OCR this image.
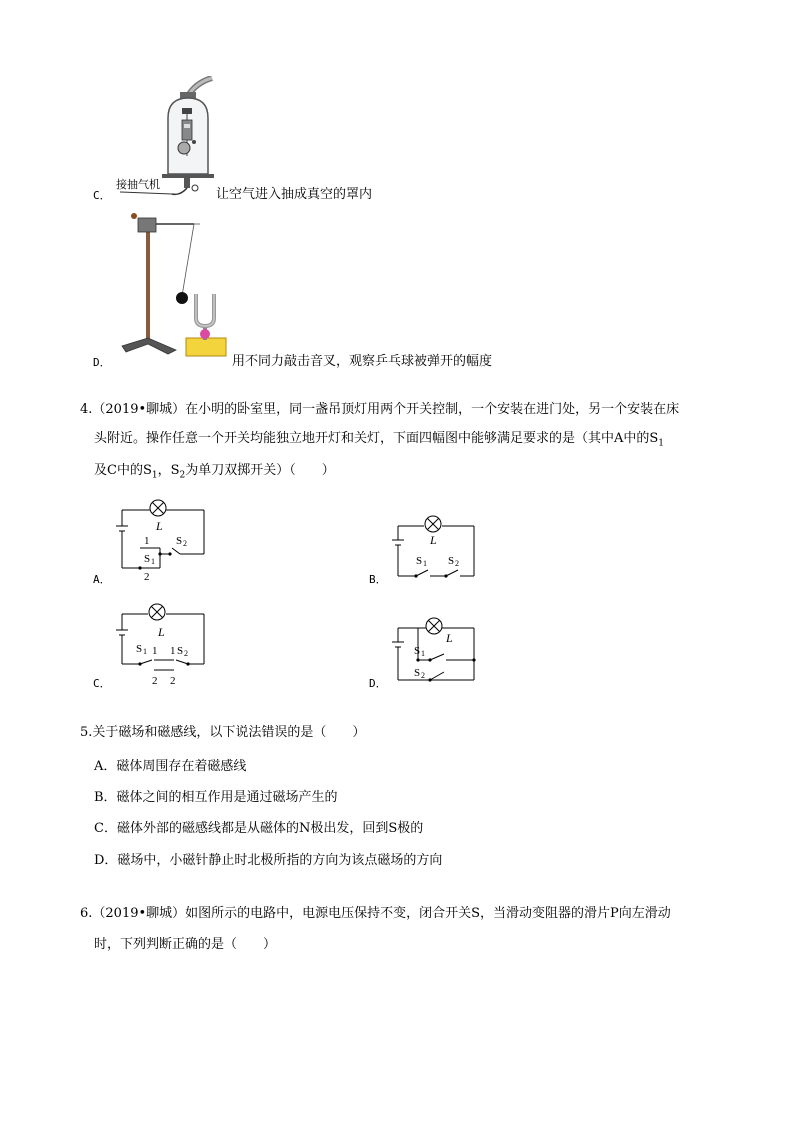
接抽气机
C．	让空气进入抽成真空的罩内
D．	用不同力敲击音叉，观察乒乓球被弹开的幅度
4.（2019•聊城）在小明的卧室里，同一盏吊顶灯用两个开关控制，一个安装在进门处，另一个安装在床
头附近。操作任意一个开关均能独立地开灯和关灯，下面四幅图中能够满足要求的是（其中A中的$S_1$
及C中的$S_1$，$S_2$为单刀双掷开关）（　　）
L
1
S 1
2
S 2
A．
L
S 1 S 2
B．
L
S 1 1 1 S 2
2 2
C．
L
S 1
S 2
D．
5.关于磁场和磁感线，以下说法错误的是（　　）
A．磁体周围存在着磁感线
B．磁体之间的相互作用是通过磁场产生的
C．磁体外部的磁感线都是从磁体的N极出发，回到S极的
D．磁场中，小磁针静止时北极所指的方向为该点磁场的方向
6.（2019•聊城）如图所示的电路中，电源电压保持不变，闭合开关S，当滑动变阻器的滑片P向左滑动
时，下列判断正确的是（　　）
